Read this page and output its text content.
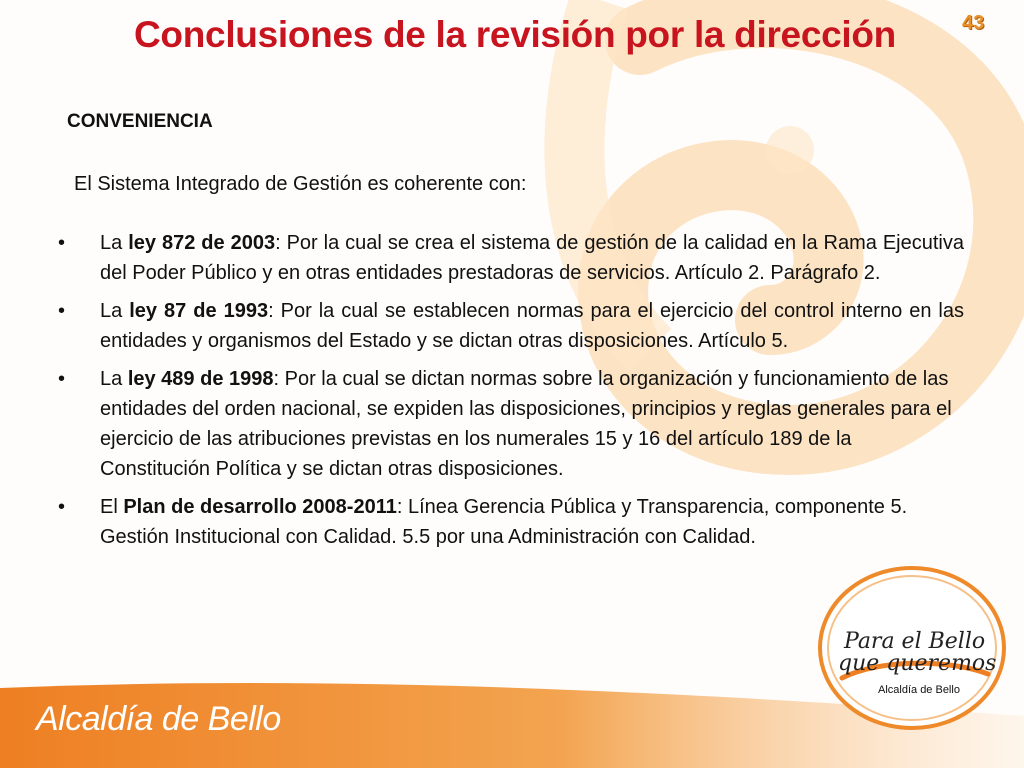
Conclusiones de la revisión por la dirección	43
CONVENIENCIA
El Sistema Integrado de Gestión es coherente con:
• La ley 872 de 2003: Por la cual se crea el sistema de gestión de la calidad en la Rama Ejecutiva del Poder Público y en otras entidades prestadoras de servicios. Artículo 2. Parágrafo 2.
• La ley 87 de 1993: Por la cual se establecen normas para el ejercicio del control interno en las entidades y organismos del Estado y se dictan otras disposiciones. Artículo 5.
• La ley 489 de 1998: Por la cual se dictan normas sobre la organización y funcionamiento de las entidades del orden nacional, se expiden las disposiciones, principios y reglas generales para el ejercicio de las atribuciones previstas en los numerales 15 y 16 del artículo 189 de la Constitución Política y se dictan otras disposiciones.
• El Plan de desarrollo 2008-2011: Línea Gerencia Pública y Transparencia, componente 5. Gestión Institucional con Calidad. 5.5 por una Administración con Calidad.
Alcaldía de Bello
Para el Bello
que queremos
Alcaldía de Bello
